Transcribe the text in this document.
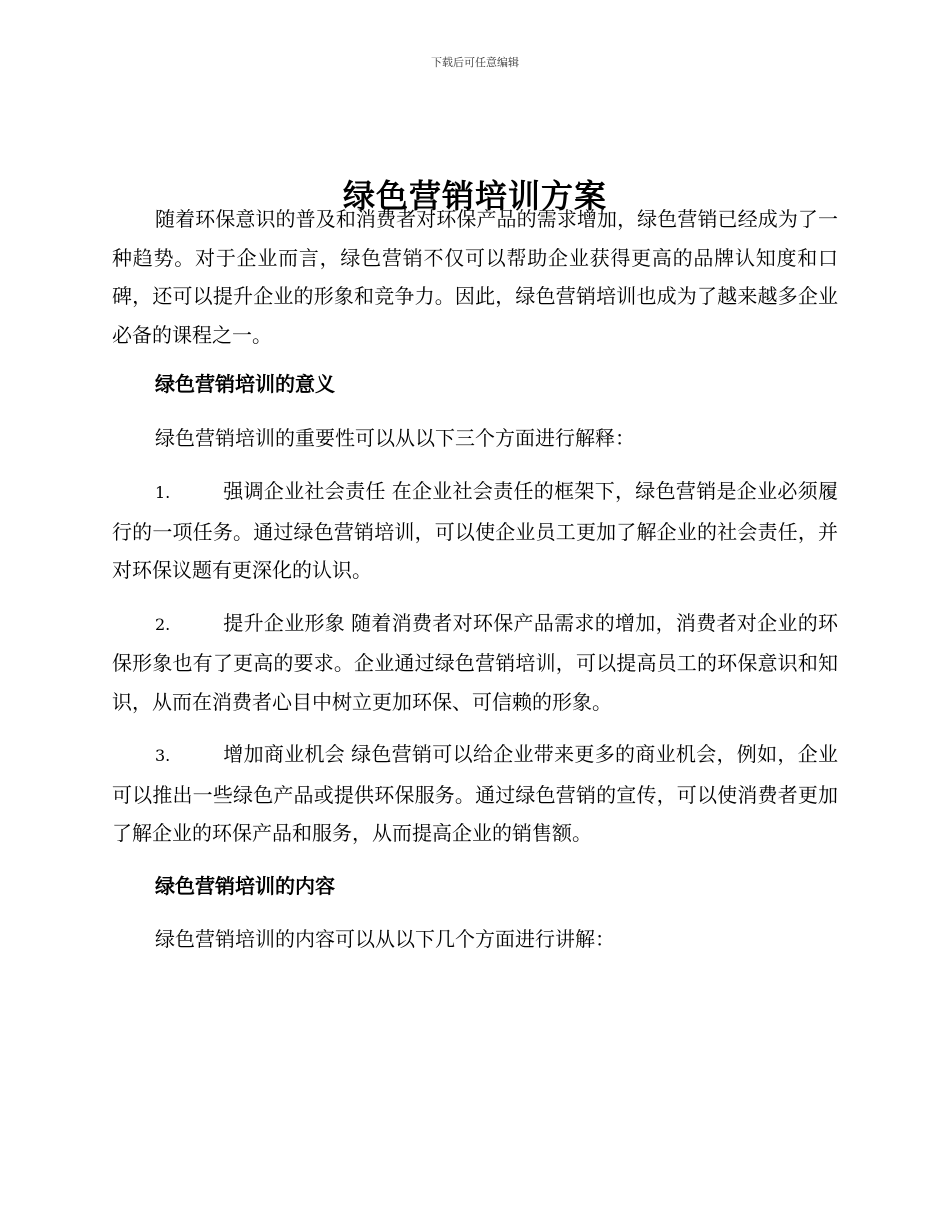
下载后可任意编辑
绿色营销培训方案

随着环保意识的普及和消费者对环保产品的需求增加，绿色营销已经成为了一种趋势。对于企业而言，绿色营销不仅可以帮助企业获得更高的品牌认知度和口碑，还可以提升企业的形象和竞争力。因此，绿色营销培训也成为了越来越多企业必备的课程之一。

绿色营销培训的意义

绿色营销培训的重要性可以从以下三个方面进行解释：

1.	强调企业社会责任 在企业社会责任的框架下，绿色营销是企业必须履行的一项任务。通过绿色营销培训，可以使企业员工更加了解企业的社会责任，并对环保议题有更深化的认识。

2.	提升企业形象 随着消费者对环保产品需求的增加，消费者对企业的环保形象也有了更高的要求。企业通过绿色营销培训，可以提高员工的环保意识和知识，从而在消费者心目中树立更加环保、可信赖的形象。

3.	增加商业机会 绿色营销可以给企业带来更多的商业机会，例如，企业可以推出一些绿色产品或提供环保服务。通过绿色营销的宣传，可以使消费者更加了解企业的环保产品和服务，从而提高企业的销售额。

绿色营销培训的内容

绿色营销培训的内容可以从以下几个方面进行讲解：
